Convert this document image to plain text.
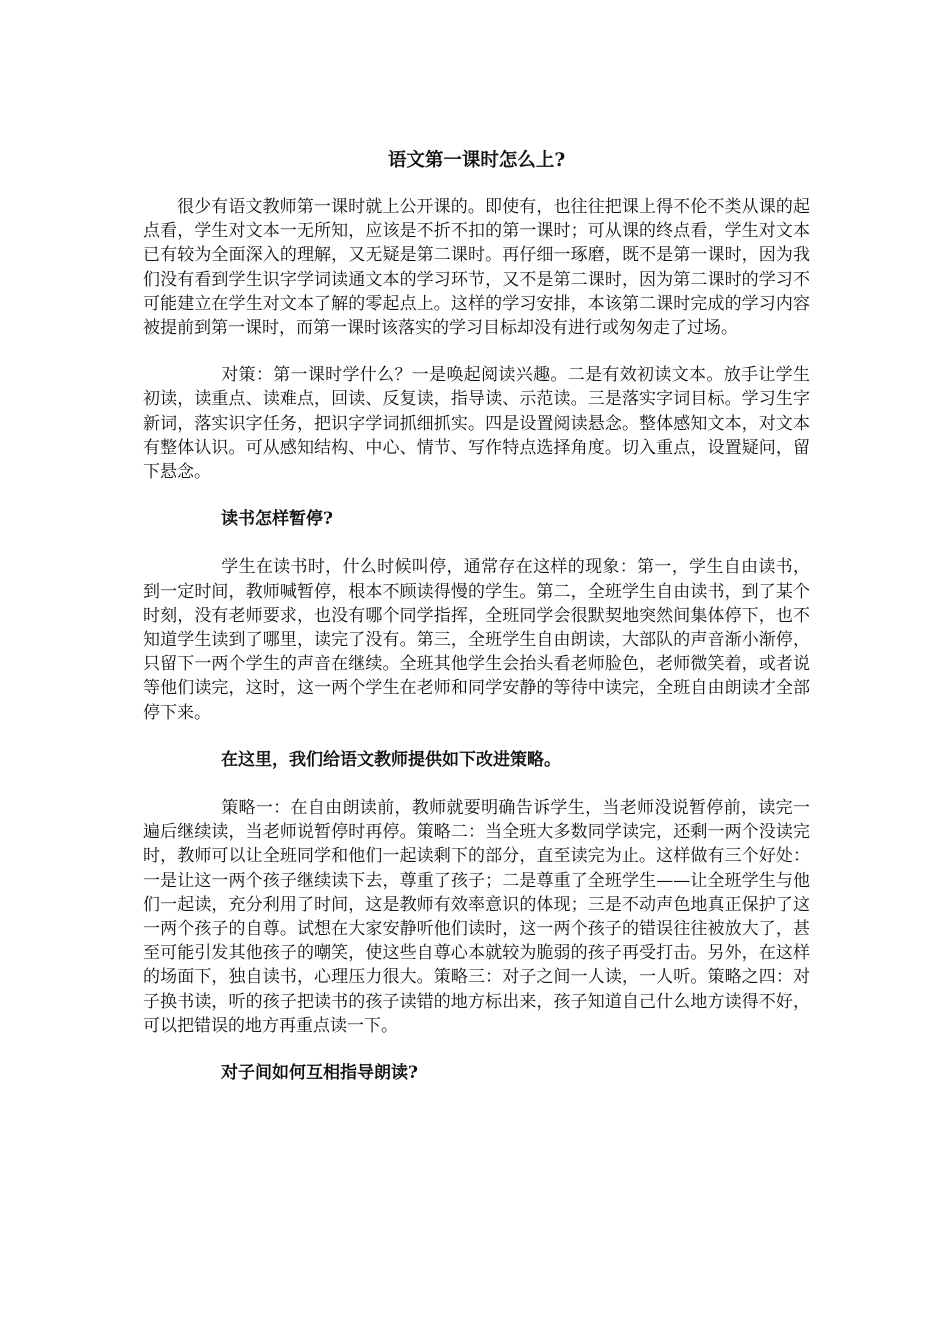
语文第一课时怎么上?

很少有语文教师第一课时就上公开课的。即使有，也往往把课上得不伦不类从课的起点看，学生对文本一无所知，应该是不折不扣的第一课时；可从课的终点看，学生对文本已有较为全面深入的理解，又无疑是第二课时。再仔细一琢磨，既不是第一课时，因为我们没有看到学生识字学词读通文本的学习环节，又不是第二课时，因为第二课时的学习不可能建立在学生对文本了解的零起点上。这样的学习安排，本该第二课时完成的学习内容被提前到第一课时，而第一课时该落实的学习目标却没有进行或匆匆走了过场。

对策：第一课时学什么？一是唤起阅读兴趣。二是有效初读文本。放手让学生初读，读重点、读难点，回读、反复读，指导读、示范读。三是落实字词目标。学习生字新词，落实识字任务，把识字学词抓细抓实。四是设置阅读悬念。整体感知文本，对文本有整体认识。可从感知结构、中心、情节、写作特点选择角度。切入重点，设置疑问，留下悬念。

读书怎样暂停?

学生在读书时，什么时候叫停，通常存在这样的现象：第一，学生自由读书，到一定时间，教师喊暂停，根本不顾读得慢的学生。第二，全班学生自由读书，到了某个时刻，没有老师要求，也没有哪个同学指挥，全班同学会很默契地突然间集体停下，也不知道学生读到了哪里，读完了没有。第三，全班学生自由朗读，大部队的声音渐小渐停，只留下一两个学生的声音在继续。全班其他学生会抬头看老师脸色，老师微笑着，或者说等他们读完，这时，这一两个学生在老师和同学安静的等待中读完，全班自由朗读才全部停下来。

在这里，我们给语文教师提供如下改进策略。

策略一：在自由朗读前，教师就要明确告诉学生，当老师没说暂停前，读完一遍后继续读，当老师说暂停时再停。策略二：当全班大多数同学读完，还剩一两个没读完时，教师可以让全班同学和他们一起读剩下的部分，直至读完为止。这样做有三个好处：一是让这一两个孩子继续读下去，尊重了孩子；二是尊重了全班学生——让全班学生与他们一起读，充分利用了时间，这是教师有效率意识的体现；三是不动声色地真正保护了这一两个孩子的自尊。试想在大家安静听他们读时，这一两个孩子的错误往往被放大了，甚至可能引发其他孩子的嘲笑，使这些自尊心本就较为脆弱的孩子再受打击。另外，在这样的场面下，独自读书，心理压力很大。策略三：对子之间一人读，一人听。策略之四：对子换书读，听的孩子把读书的孩子读错的地方标出来，孩子知道自己什么地方读得不好，可以把错误的地方再重点读一下。

对子间如何互相指导朗读?
